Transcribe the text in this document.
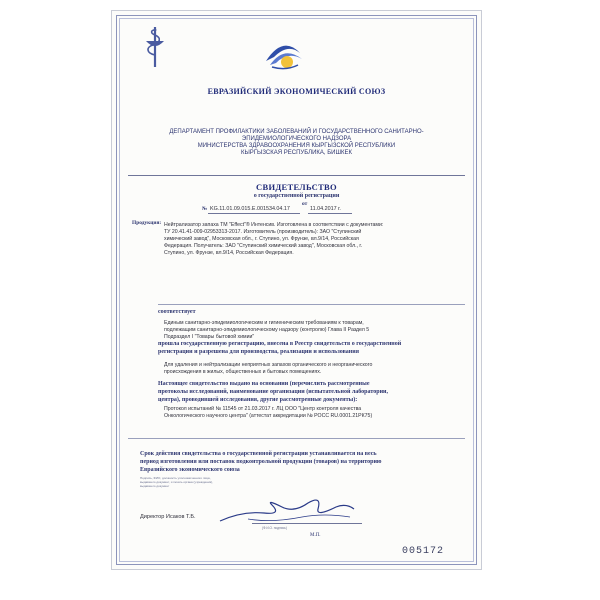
ЕВРАЗИЙСКИЙ ЭКОНОМИЧЕСКИЙ СОЮЗ
ДЕПАРТАМЕНТ ПРОФИЛАКТИКИ ЗАБОЛЕВАНИЙ И ГОСУДАРСТВЕННОГО САНИТАРНО-
ЭПИДЕМИОЛОГИЧЕСКОГО НАДЗОРА
МИНИСТЕРСТВА ЗДРАВООХРАНЕНИЯ КЫРГЫЗСКОЙ РЕСПУБЛИКИ
КЫРГЫЗСКАЯ РЕСПУБЛИКА, БИШКЕК
СВИДЕТЕЛЬСТВО
о государственной регистрации
№ KG.11.01.09.015.Е.001534.04.17
от
11.04.2017 г.
Продукция: Нейтрализатор запаха ТМ "Effect"® Интенсив. Изготовлена в соответствии с документами:
ТУ 20.41.41-009-02953313-2017. Изготовитель (производитель): ЗАО "Ступинский
химический завод", Московская обл., г. Ступино, ул. Фрунзе, вл.9/14, Российская
Федерация. Получатель: ЗАО "Ступинский химический завод", Московская обл., г.
Ступино, ул. Фрунзе, вл.9/14, Российская Федерация.
соответствует
Единым санитарно-эпидемиологическим и гигиеническим требованиям к товарам,
подлежащим санитарно-эпидемиологическому надзору (контролю) Глава II Раздел 5
Подраздел I "Товары бытовой химии"
прошла государственную регистрацию, внесена в Реестр свидетельств о государственной
регистрации и разрешена для производства, реализации и использования
Для удаления и нейтрализации неприятных запахов органического и неорганического
происхождения в жилых, общественных и бытовых помещениях.
Настоящее свидетельство выдано на основании (перечислить рассмотренные
протоколы исследований, наименование организации (испытательной лаборатории,
центра), проводившей исследования, другие рассмотренные документы):
Протокол испытаний № 11545 от 21.03.2017 г. ЛЦ ООО "Центр контроля качества
Онкологического научного центра" (аттестат аккредитации № РОСС RU.0001.21РК75)
Срок действия свидетельства о государственной регистрации устанавливается на весь
период изготовления или поставок подконтрольной продукции (товаров) на территорию
Евразийского экономического союза
Подпись, ФИО, должность уполномоченного лица,
выдавшего документ, и печать органа (учреждения),
выдавшего документ
Директор Исаков Т.Б.
(Ф.И.О. подпись)
М.П.
005172
